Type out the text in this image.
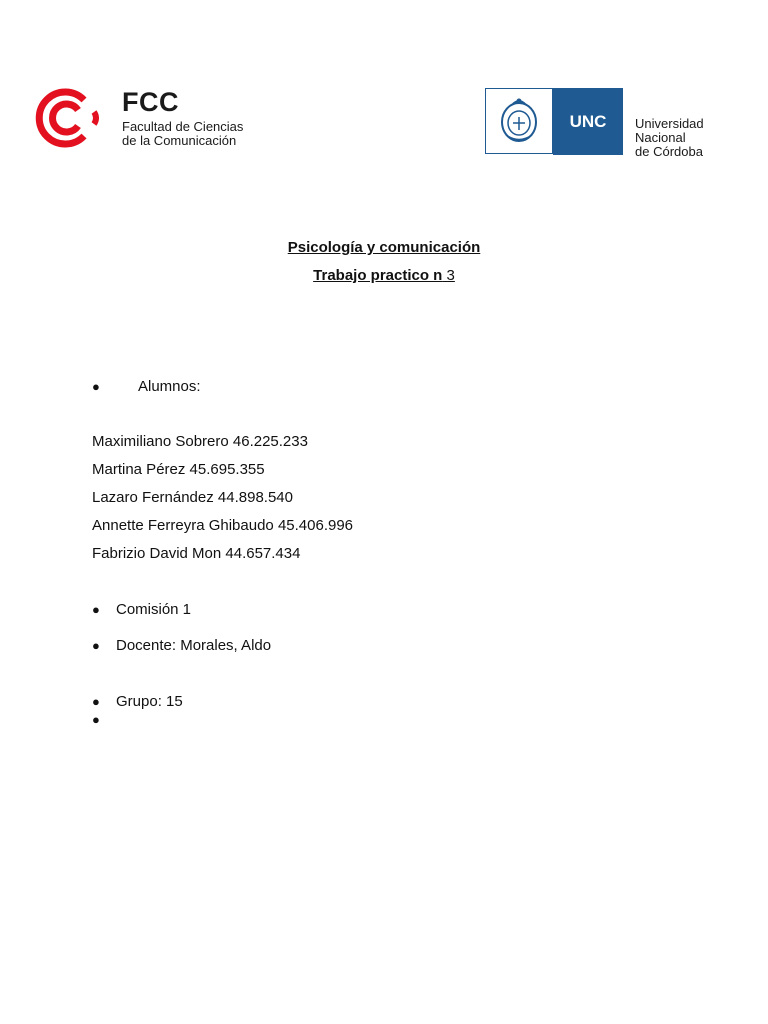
FCC
Facultad de Ciencias
de la Comunicación
UNC	Universidad
Nacional
de Córdoba

Psicología y comunicación

Trabajo practico n 3

●	Alumnos:

Maximiliano Sobrero 46.225.233

Martina Pérez 45.695.355

Lazaro Fernández 44.898.540

Annette Ferreyra Ghibaudo 45.406.996

Fabrizio David Mon 44.657.434

●	Comisión 1
●	Docente: Morales, Aldo
●	Grupo: 15
●
